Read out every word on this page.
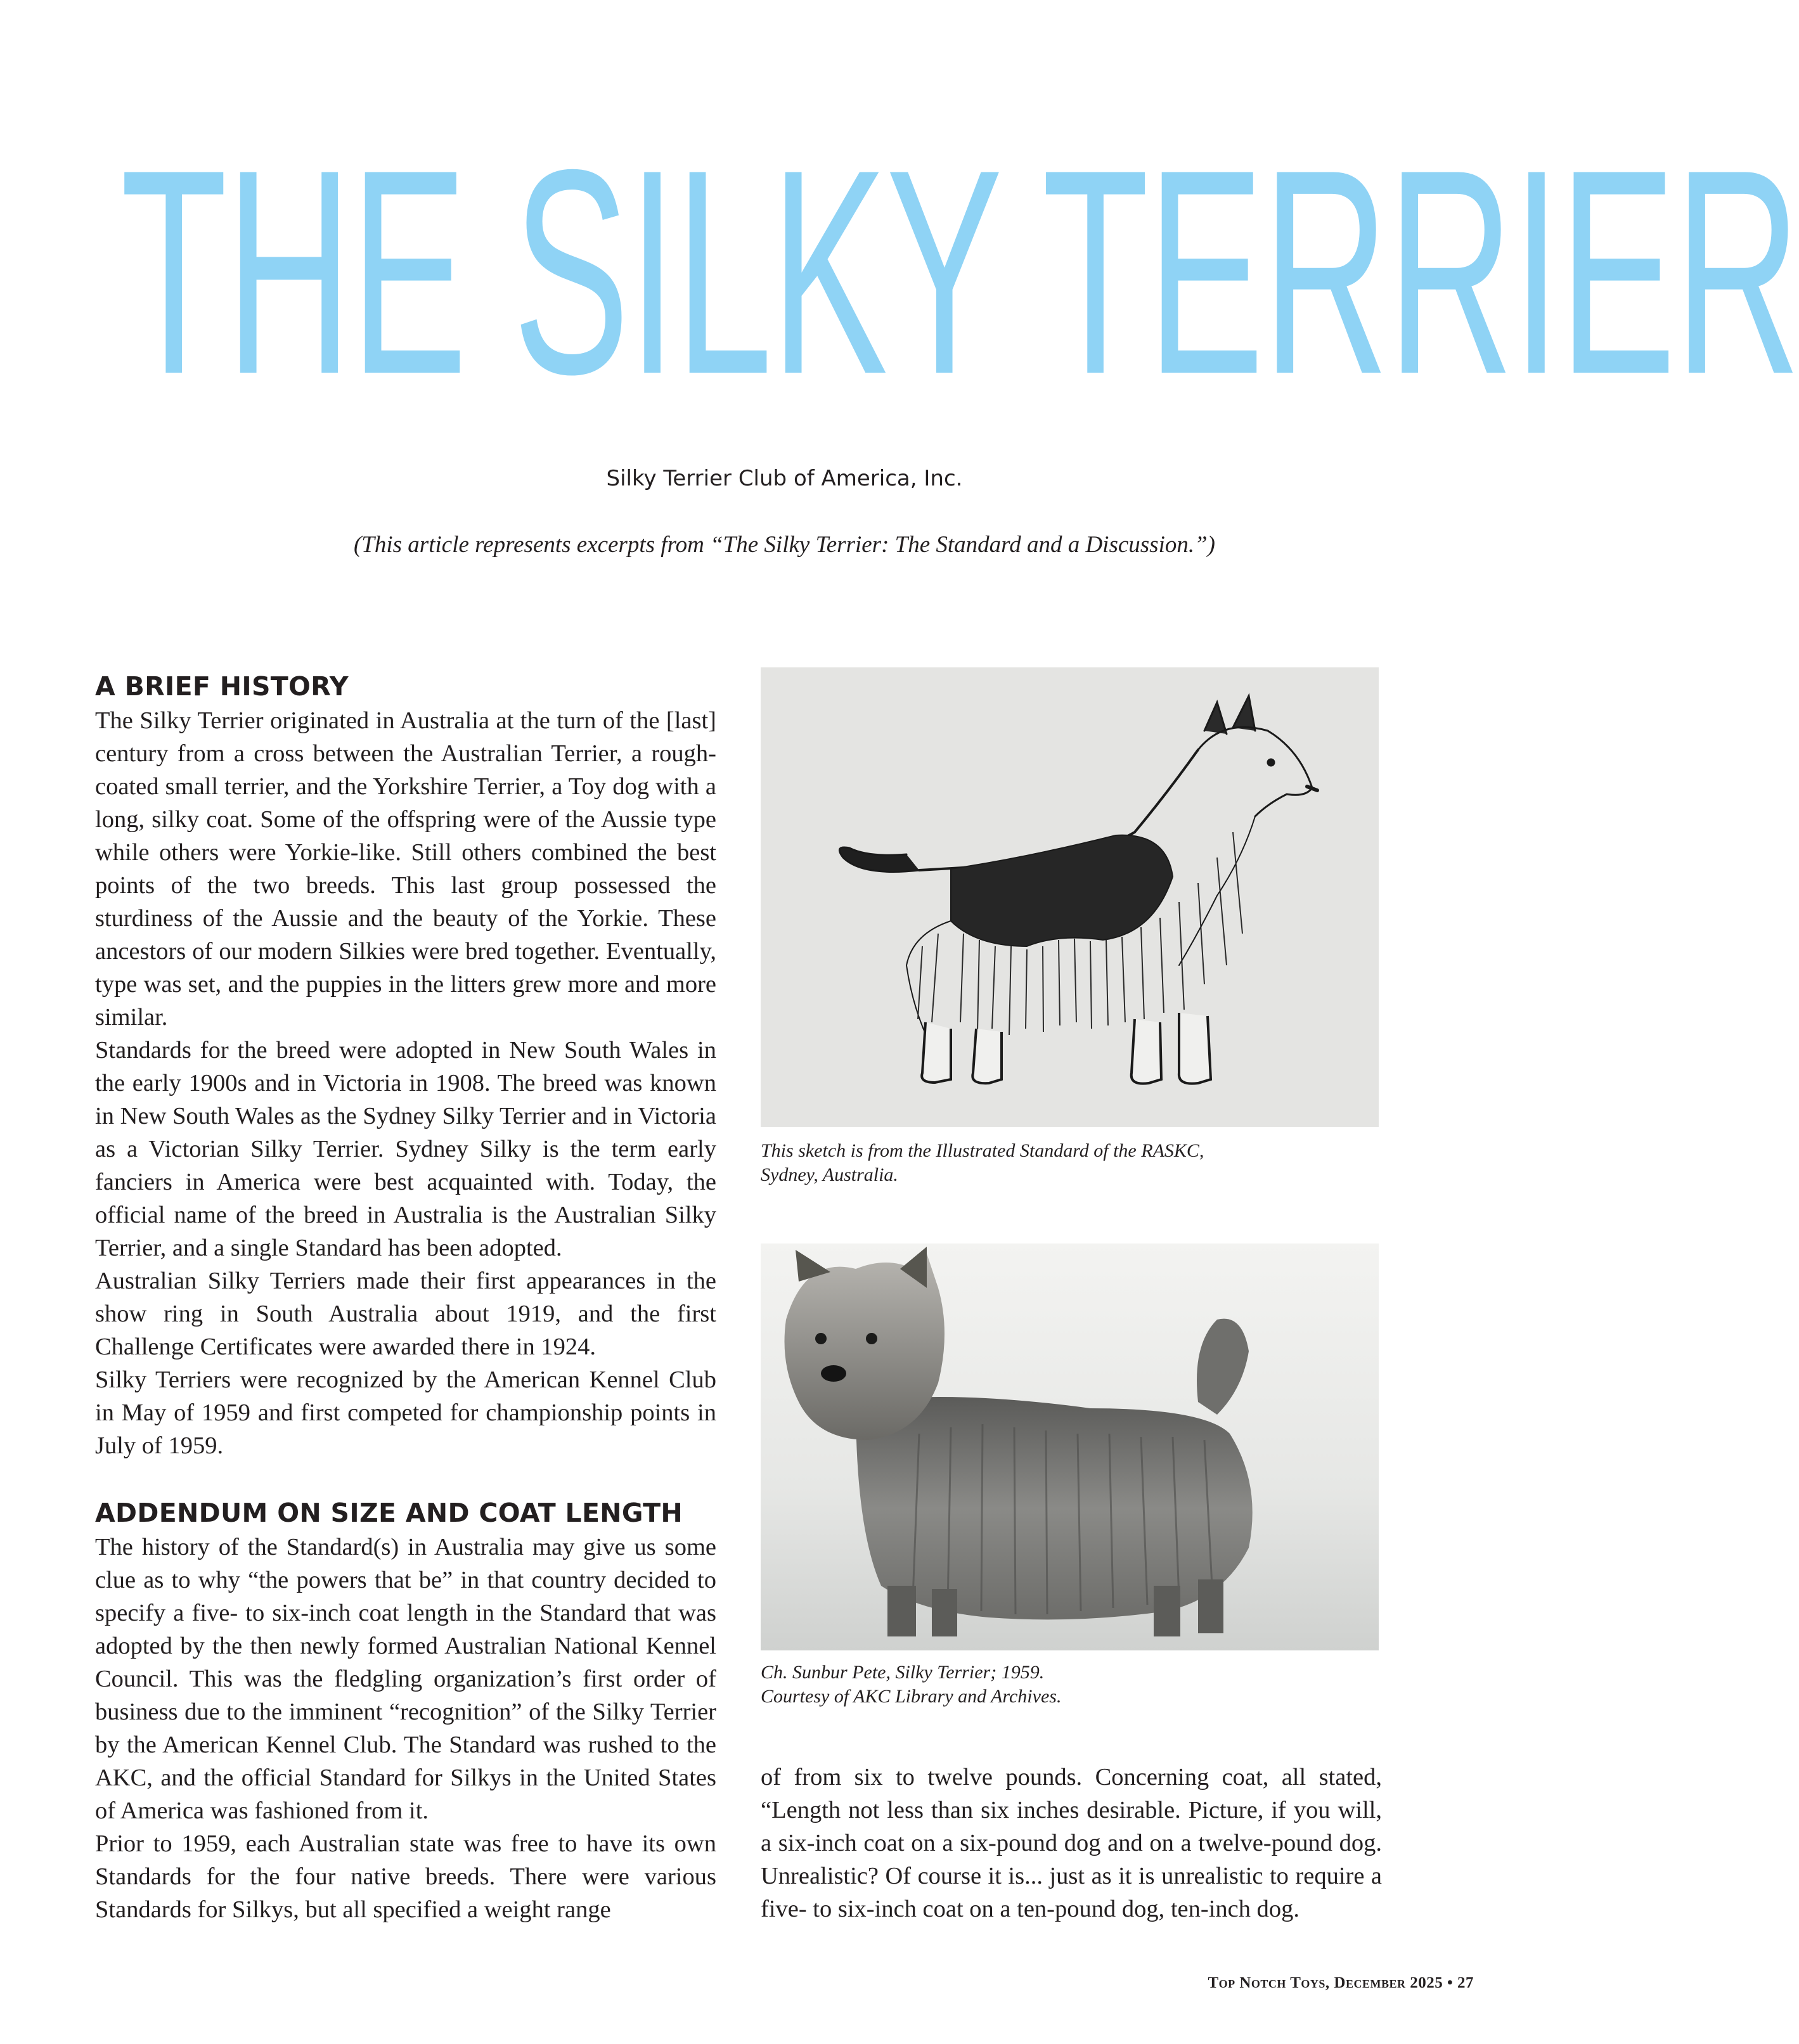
THE SILKY TERRIER
Silky Terrier Club of America, Inc.
(This article represents excerpts from “The Silky Terrier: The Standard and a Discussion.”)
A BRIEF HISTORY

The Silky Terrier originated in Australia at the turn of the [last] century from a cross between the Australian Terrier, a rough-coated small terrier, and the Yorkshire Terrier, a Toy dog with a long, silky coat. Some of the offspring were of the Aussie type while others were Yorkie-like. Still others combined the best points of the two breeds. This last group possessed the sturdiness of the Aussie and the beauty of the Yorkie. These ancestors of our modern Silkies were bred together. Eventually, type was set, and the puppies in the litters grew more and more similar.

Standards for the breed were adopted in New South Wales in the early 1900s and in Victoria in 1908. The breed was known in New South Wales as the Sydney Silky Terrier and in Victoria as a Victorian Silky Terrier. Sydney Silky is the term early fanciers in America were best acquainted with. Today, the official name of the breed in Australia is the Australian Silky Terrier, and a single Standard has been adopted.

Australian Silky Terriers made their first appearances in the show ring in South Australia about 1919, and the first Challenge Certificates were awarded there in 1924.

Silky Terriers were recognized by the American Kennel Club in May of 1959 and first competed for championship points in July of 1959.

ADDENDUM ON SIZE AND COAT LENGTH

The history of the Standard(s) in Australia may give us some clue as to why “the powers that be” in that country decided to specify a five- to six-inch coat length in the Standard that was adopted by the then newly formed Australian National Kennel Council. This was the fledgling organization’s first order of business due to the imminent “recognition” of the Silky Terrier by the American Kennel Club. The Standard was rushed to the AKC, and the official Standard for Silkys in the United States of America was fashioned from it.

Prior to 1959, each Australian state was free to have its own Standards for the four native breeds. There were various Standards for Silkys, but all specified a weight range

This sketch is from the Illustrated Standard of the RASKC,
Sydney, Australia.
Ch. Sunbur Pete, Silky Terrier; 1959.
Courtesy of AKC Library and Archives.

of from six to twelve pounds. Concerning coat, all stated, “Length not less than six inches desirable. Picture, if you will, a six-inch coat on a six-pound dog and on a twelve-pound dog. Unrealistic? Of course it is... just as it is unrealistic to require a five- to six-inch coat on a ten-pound dog, ten-inch dog.

Top Notch Toys, December 2025 • 27
